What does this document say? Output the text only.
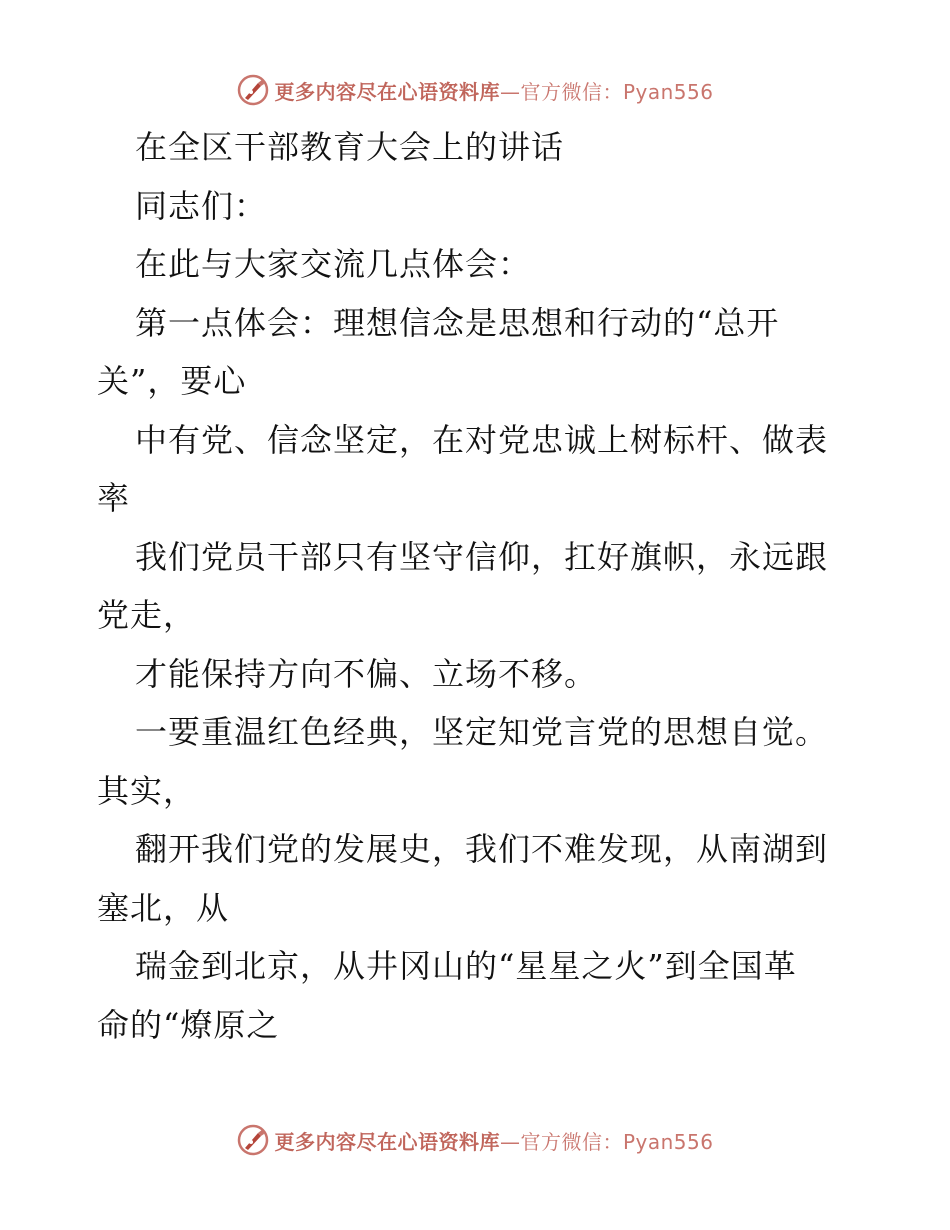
更多内容尽在心语资料库—官方微信：Pyan556
在全区干部教育大会上的讲话
同志们：
在此与大家交流几点体会：
第一点体会：理想信念是思想和行动的“总开
关”，要心
中有党、信念坚定，在对党忠诚上树标杆、做表
率
我们党员干部只有坚守信仰，扛好旗帜，永远跟
党走，
才能保持方向不偏、立场不移。
一要重温红色经典，坚定知党言党的思想自觉。
其实，
翻开我们党的发展史，我们不难发现，从南湖到
塞北，从
瑞金到北京，从井冈山的“星星之火”到全国革
命的“燎原之
更多内容尽在心语资料库—官方微信：Pyan556
